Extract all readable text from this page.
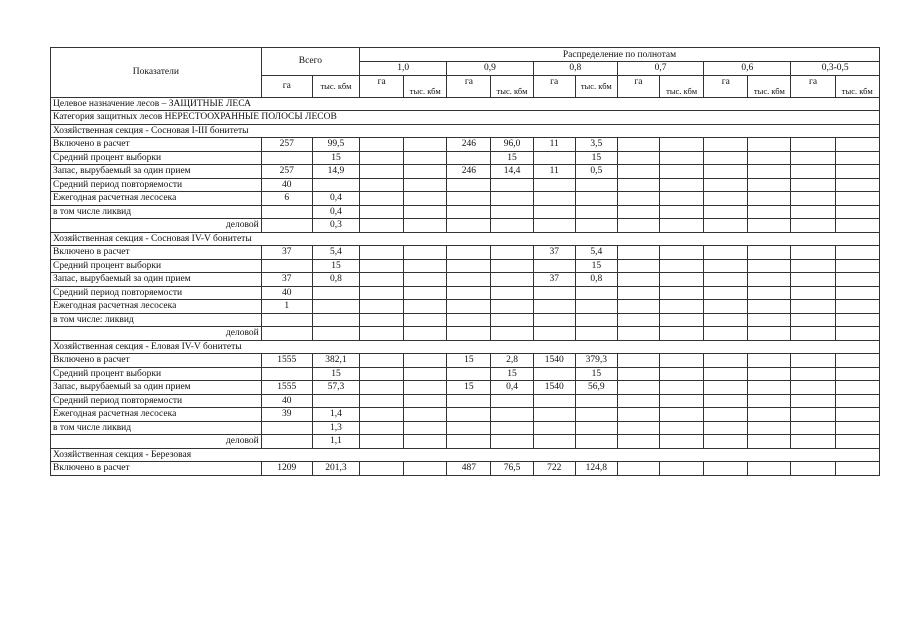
Показатели	Всего		Распределение по полнотам											
			1,0		0,9		0,8		0,7		0,6		0,3-0,5	
	га	тыс. кбм	га	тыс. кбм	га	тыс. кбм	га	тыс. кбм	га	тыс. кбм	га	тыс. кбм	га	тыс. кбм
Целевое назначение лесов – ЗАЩИТНЫЕ ЛЕСА														
Категория защитных лесов НЕРЕСТООХРАННЫЕ ПОЛОСЫ ЛЕСОВ														
Хозяйственная секция - Сосновая I-III бонитеты														
Включено в расчет	257	99,5			246	96,0	11	3,5						
Средний процент выборки		15				15		15						
Запас, вырубаемый за один прием	257	14,9			246	14,4	11	0,5						
Средний период повторяемости	40													
Ежегодная расчетная лесосека	6	0,4												
в том числе ликвид		0,4												
деловой		0,3												
Хозяйственная секция - Сосновая IV-V бонитеты														
Включено в расчет	37	5,4					37	5,4						
Средний процент выборки		15						15						
Запас, вырубаемый за один прием	37	0,8					37	0,8						
Средний период повторяемости	40													
Ежегодная расчетная лесосека	1													
в том числе: ликвид														
деловой														
Хозяйственная секция - Еловая IV-V бонитеты														
Включено в расчет	1555	382,1			15	2,8	1540	379,3						
Средний процент выборки		15				15		15						
Запас, вырубаемый за один прием	1555	57,3			15	0,4	1540	56,9						
Средний период повторяемости	40													
Ежегодная расчетная лесосека	39	1,4												
в том числе ликвид		1,3												
деловой		1,1												
Хозяйственная секция - Березовая														
Включено в расчет	1209	201,3			487	76,5	722	124,8						
